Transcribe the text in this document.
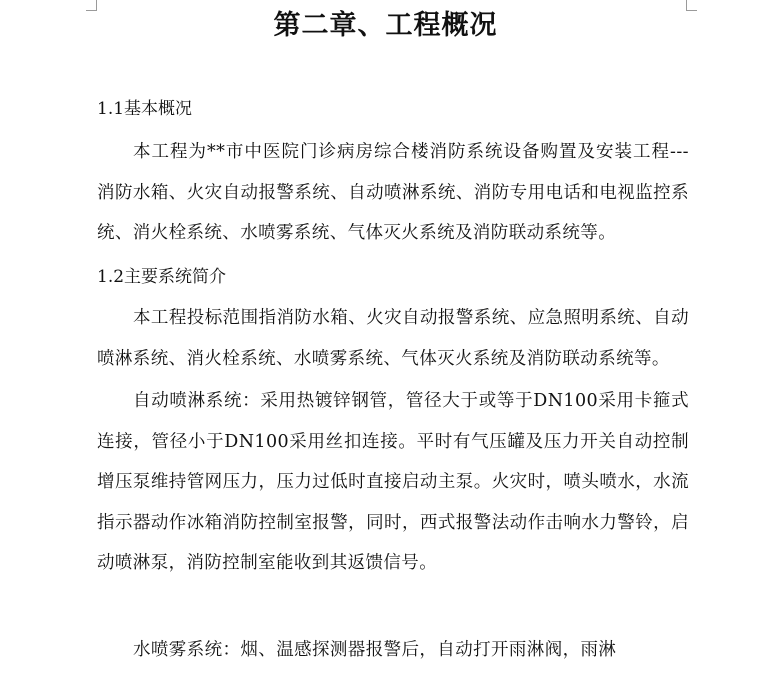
第二章、工程概况
1.1基本概况
本工程为**市中医院门诊病房综合楼消防系统设备购置及安装工程---消防水箱、火灾自动报警系统、自动喷淋系统、消防专用电话和电视监控系统、消火栓系统、水喷雾系统、气体灭火系统及消防联动系统等。
1.2主要系统简介
本工程投标范围指消防水箱、火灾自动报警系统、应急照明系统、自动喷淋系统、消火栓系统、水喷雾系统、气体灭火系统及消防联动系统等。
自动喷淋系统：采用热镀锌钢管，管径大于或等于DN100采用卡箍式连接，管径小于DN100采用丝扣连接。平时有气压罐及压力开关自动控制增压泵维持管网压力，压力过低时直接启动主泵。火灾时，喷头喷水，水流指示器动作冰箱消防控制室报警，同时，西式报警法动作击响水力警铃，启动喷淋泵，消防控制室能收到其返馈信号。
水喷雾系统：烟、温感探测器报警后，自动打开雨淋阀，雨淋
